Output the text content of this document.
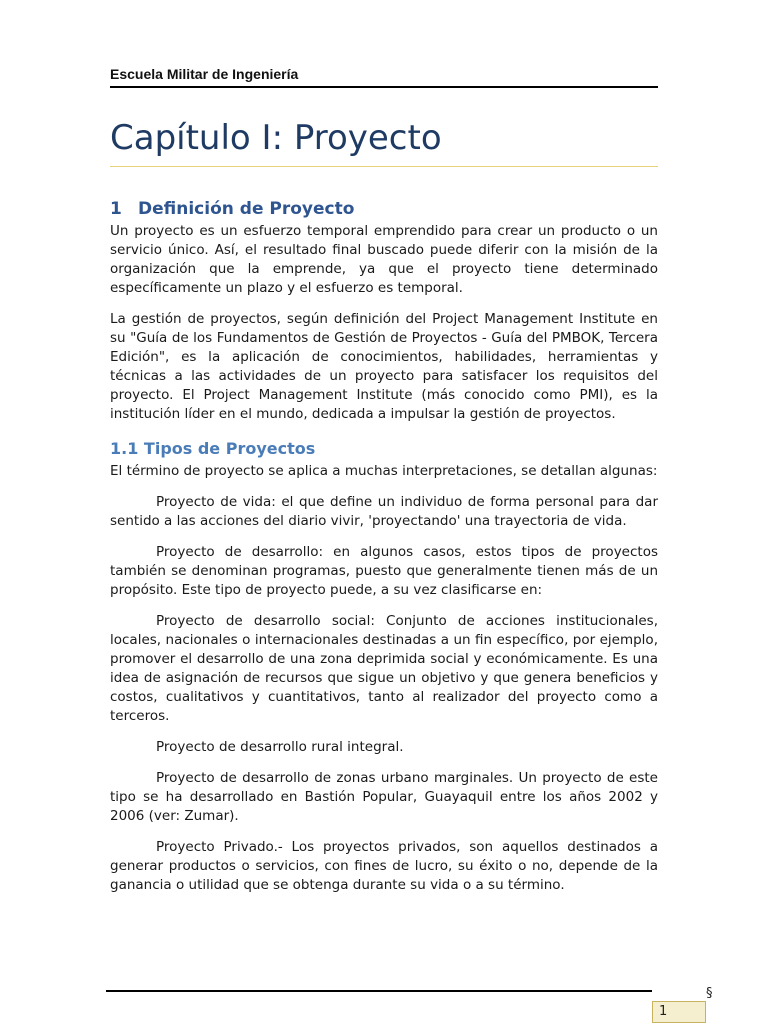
Escuela Militar de Ingeniería
Capítulo I: Proyecto
1 Definición de Proyecto

Un proyecto es un esfuerzo temporal emprendido para crear un producto o un servicio único. Así, el resultado final buscado puede diferir con la misión de la organización que la emprende, ya que el proyecto tiene determinado específicamente un plazo y el esfuerzo es temporal.

La gestión de proyectos, según definición del Project Management Institute en su "Guía de los Fundamentos de Gestión de Proyectos - Guía del PMBOK, Tercera Edición", es la aplicación de conocimientos, habilidades, herramientas y técnicas a las actividades de un proyecto para satisfacer los requisitos del proyecto. El Project Management Institute (más conocido como PMI), es la institución líder en el mundo, dedicada a impulsar la gestión de proyectos.

1.1 Tipos de Proyectos

El término de proyecto se aplica a muchas interpretaciones, se detallan algunas:

Proyecto de vida: el que define un individuo de forma personal para dar sentido a las acciones del diario vivir, 'proyectando' una trayectoria de vida.

Proyecto de desarrollo: en algunos casos, estos tipos de proyectos también se denominan programas, puesto que generalmente tienen más de un propósito. Este tipo de proyecto puede, a su vez clasificarse en:

Proyecto de desarrollo social: Conjunto de acciones institucionales, locales, nacionales o internacionales destinadas a un fin específico, por ejemplo, promover el desarrollo de una zona deprimida social y económicamente. Es una idea de asignación de recursos que sigue un objetivo y que genera beneficios y costos, cualitativos y cuantitativos, tanto al realizador del proyecto como a terceros.

Proyecto de desarrollo rural integral.

Proyecto de desarrollo de zonas urbano marginales. Un proyecto de este tipo se ha desarrollado en Bastión Popular, Guayaquil entre los años 2002 y 2006 (ver: Zumar).

Proyecto Privado.- Los proyectos privados, son aquellos destinados a generar productos o servicios, con fines de lucro, su éxito o no, depende de la ganancia o utilidad que se obtenga durante su vida o a su término.

§
1
